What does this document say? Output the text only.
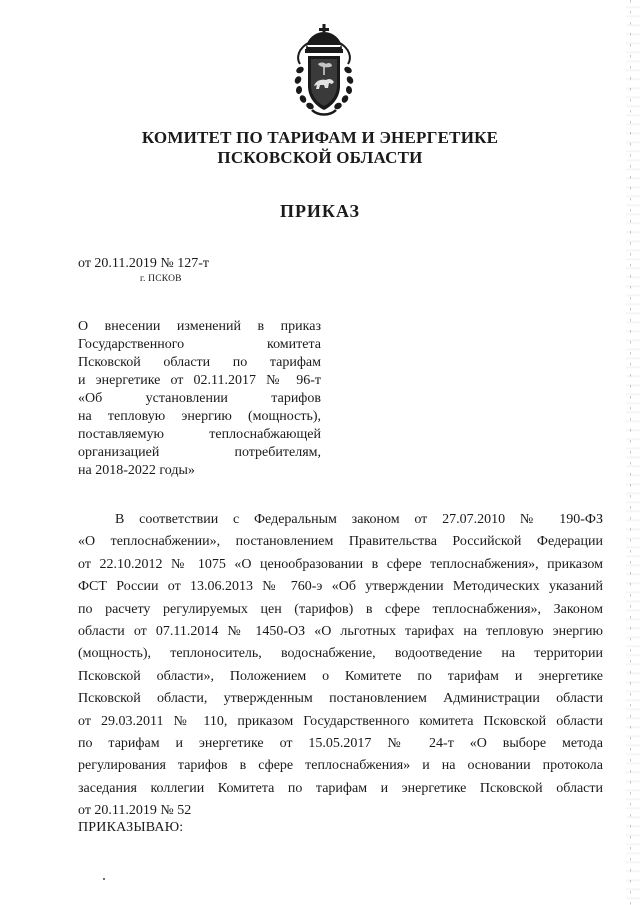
КОМИТЕТ ПО ТАРИФАМ И ЭНЕРГЕТИКЕ
ПСКОВСКОЙ ОБЛАСТИ
ПРИКАЗ
от 20.11.2019 № 127-т
г. ПСКОВ
О внесении изменений в приказ
Государственного комитета
Псковской области по тарифам
и энергетике от 02.11.2017 № 96-т
«Об установлении тарифов
на тепловую энергию (мощность),
поставляемую теплоснабжающей
организацией потребителям,
на 2018-2022 годы»
В соответствии с Федеральным законом от 27.07.2010 № 190-ФЗ
«О теплоснабжении», постановлением Правительства Российской Федерации
от 22.10.2012 № 1075 «О ценообразовании в сфере теплоснабжения», приказом
ФСТ России от 13.06.2013 № 760-э «Об утверждении Методических указаний
по расчету регулируемых цен (тарифов) в сфере теплоснабжения», Законом
области от 07.11.2014 № 1450-ОЗ «О льготных тарифах на тепловую энергию
(мощность), теплоноситель, водоснабжение, водоотведение на территории
Псковской области», Положением о Комитете по тарифам и энергетике
Псковской области, утвержденным постановлением Администрации области
от 29.03.2011 № 110, приказом Государственного комитета Псковской области
по тарифам и энергетике от 15.05.2017 № 24-т «О выборе метода
регулирования тарифов в сфере теплоснабжения» и на основании протокола
заседания коллегии Комитета по тарифам и энергетике Псковской области
от 20.11.2019 № 52
ПРИКАЗЫВАЮ:
